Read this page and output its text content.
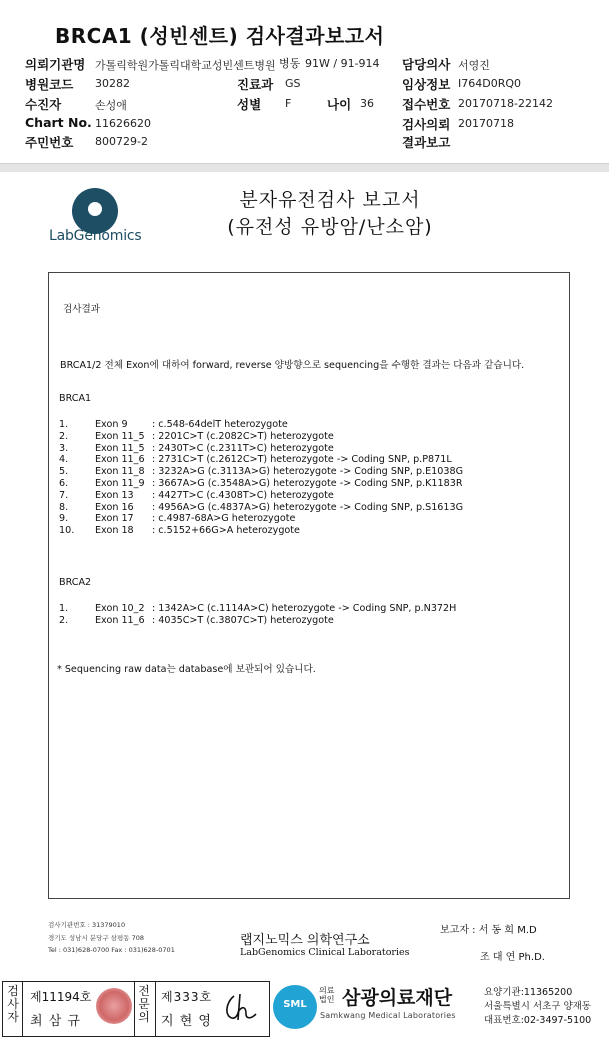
BRCA1 (성빈센트) 검사결과보고서
의뢰기관명 가톨릭학원가톨릭대학교성빈센트병원 병동 91W / 91-914 담당의사 서영진
병원코드 30282	진료과 GS	임상정보 I764D0RQ0
수진자	손성애	성별 F	나이 36 접수번호 20170718-22142
Chart No. 11626620	검사의뢰 20170718
주민번호 800729-2	결과보고
LabGenomics
분자유전검사 보고서
(유전성 유방암/난소암)
검사결과
BRCA1/2 전체 Exon에 대하여 forward, reverse 양방향으로 sequencing을 수행한 결과는 다음과 같습니다.
BRCA1
1.	Exon 9	: c.548-64delT heterozygote
2.	Exon 11_5 : 2201C>T (c.2082C>T) heterozygote
3.	Exon 11_5 : 2430T>C (c.2311T>C) heterozygote
4.	Exon 11_6 : 2731C>T (c.2612C>T) heterozygote -> Coding SNP, p.P871L
5.	Exon 11_8 : 3232A>G (c.3113A>G) heterozygote -> Coding SNP, p.E1038G
6.	Exon 11_9 : 3667A>G (c.3548A>G) heterozygote -> Coding SNP, p.K1183R
7.	Exon 13 : 4427T>C (c.4308T>C) heterozygote
8.	Exon 16 : 4956A>G (c.4837A>G) heterozygote -> Coding SNP, p.S1613G
9.	Exon 17 : c.4987-68A>G heterozygote
10. Exon 18 : c.5152+66G>A heterozygote
BRCA2
1.	Exon 10_2 : 1342A>C (c.1114A>C) heterozygote -> Coding SNP, p.N372H
2.	Exon 11_6 : 4035C>T (c.3807C>T) heterozygote
* Sequencing raw data는 database에 보관되어 있습니다.
검사기관번호 : 31379010
경기도 성남시 분당구 삼평동 708
Tel : 031)628-0700 Fax : 031)628-0701
랩지노믹스 의학연구소
LabGenomics Clinical Laboratories
보고자 : 서 동 희 M.D
조 대 연 Ph.D.
검
사
자
제11194호
최 삼 규
전
문
의
제333호
지 현 영
SML
의료
법인 삼광의료재단
Samkwang Medical Laboratories
요양기관:11365200
서울특별시 서초구 양재동
대표번호:02-3497-5100
